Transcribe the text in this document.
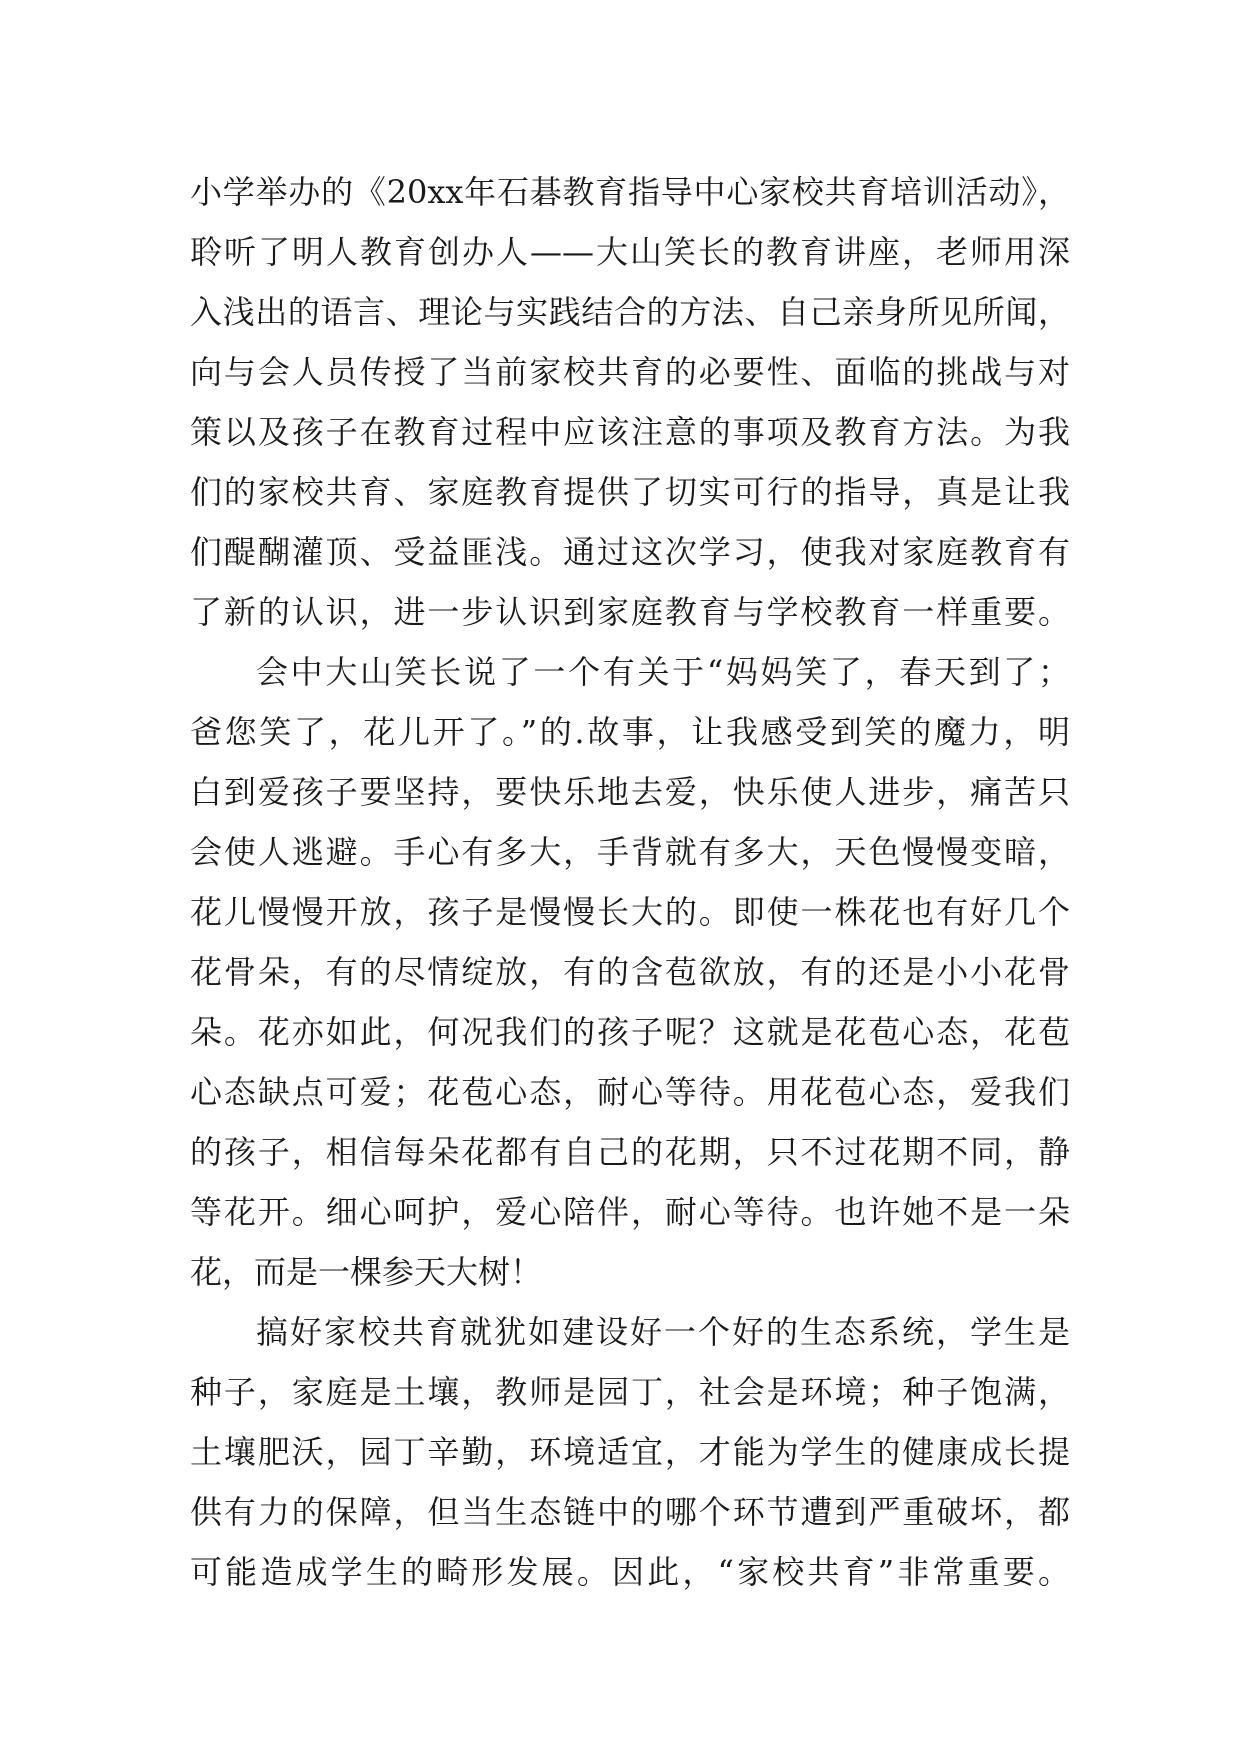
小学举办的《20xx年石碁教育指导中心家校共育培训活动》，
聆听了明人教育创办人——大山笑长的教育讲座，老师用深
入浅出的语言、理论与实践结合的方法、自己亲身所见所闻，
向与会人员传授了当前家校共育的必要性、面临的挑战与对
策以及孩子在教育过程中应该注意的事项及教育方法。为我
们的家校共育、家庭教育提供了切实可行的指导，真是让我
们醍醐灌顶、受益匪浅。通过这次学习，使我对家庭教育有
了新的认识，进一步认识到家庭教育与学校教育一样重要。
会中大山笑长说了一个有关于“妈妈笑了，春天到了；
爸您笑了，花儿开了。”的.故事，让我感受到笑的魔力，明
白到爱孩子要坚持，要快乐地去爱，快乐使人进步，痛苦只
会使人逃避。手心有多大，手背就有多大，天色慢慢变暗，
花儿慢慢开放，孩子是慢慢长大的。即使一株花也有好几个
花骨朵，有的尽情绽放，有的含苞欲放，有的还是小小花骨
朵。花亦如此，何况我们的孩子呢？这就是花苞心态，花苞
心态缺点可爱；花苞心态，耐心等待。用花苞心态，爱我们
的孩子，相信每朵花都有自己的花期，只不过花期不同，静
等花开。细心呵护，爱心陪伴，耐心等待。也许她不是一朵
花，而是一棵参天大树！
搞好家校共育就犹如建设好一个好的生态系统，学生是
种子，家庭是土壤，教师是园丁，社会是环境；种子饱满，
土壤肥沃，园丁辛勤，环境适宜，才能为学生的健康成长提
供有力的保障，但当生态链中的哪个环节遭到严重破坏，都
可能造成学生的畸形发展。因此，“家校共育”非常重要。
